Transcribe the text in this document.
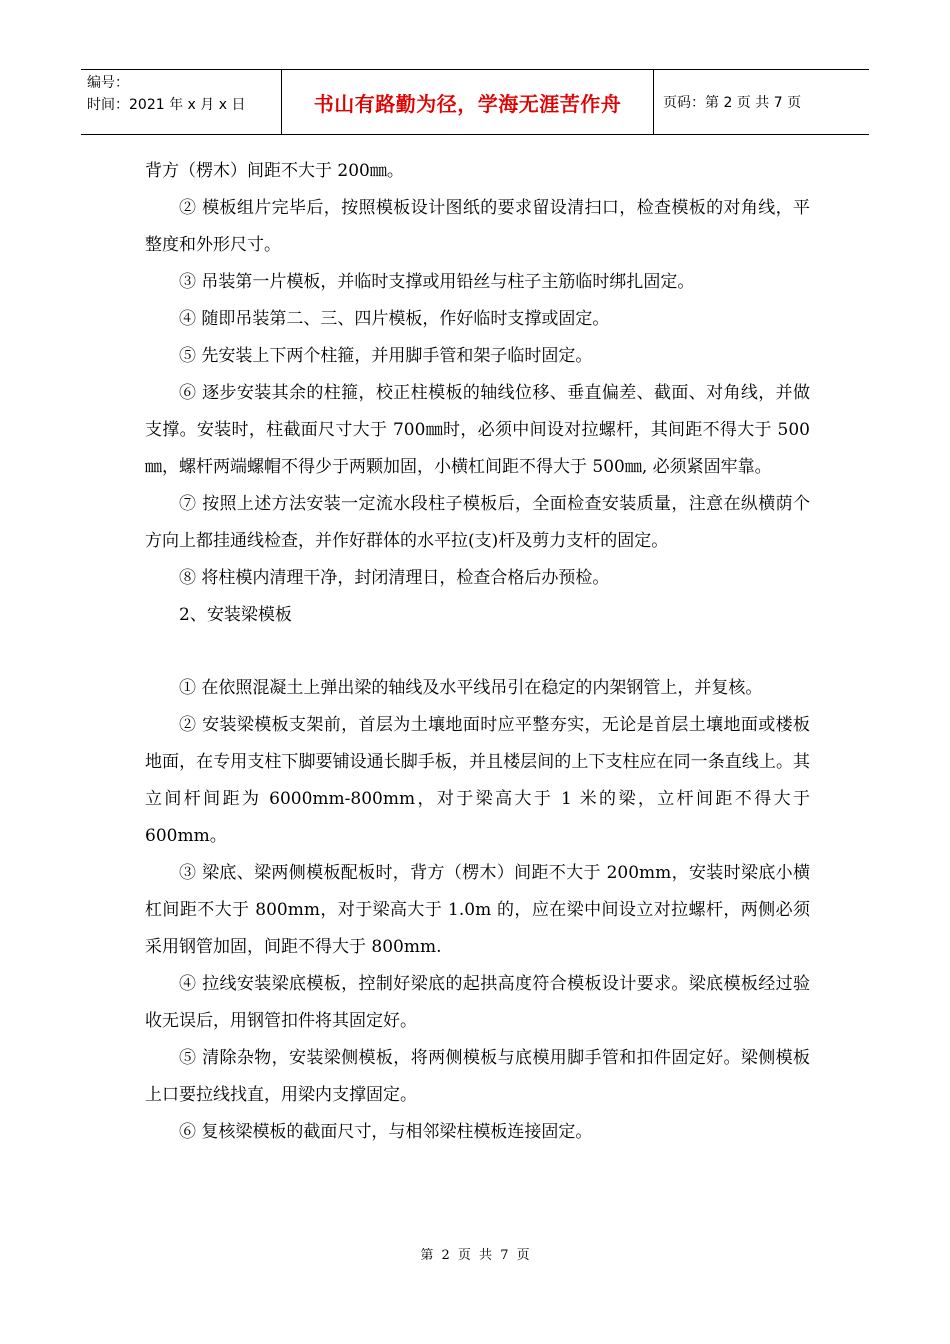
编号：
时间：2021 年 x 月 x 日	书山有路勤为径，学海无涯苦作舟	页码：第 2 页 共 7 页

背方（楞木）间距不大于 200㎜。

② 模板组片完毕后，按照模板设计图纸的要求留设清扫口，检查模板的对角线，平整度和外形尺寸。

③ 吊装第一片模板，并临时支撑或用铅丝与柱子主筋临时绑扎固定。

④ 随即吊装第二、三、四片模板，作好临时支撑或固定。

⑤ 先安装上下两个柱箍，并用脚手管和架子临时固定。

⑥ 逐步安装其余的柱箍，校正柱模板的轴线位移、垂直偏差、截面、对角线，并做支撑。安装时，柱截面尺寸大于 700㎜时，必须中间设对拉螺杆，其间距不得大于 500㎜，螺杆两端螺帽不得少于两颗加固，小横杠间距不得大于 500㎜, 必须紧固牢靠。

⑦ 按照上述方法安装一定流水段柱子模板后，全面检查安装质量，注意在纵横荫个方向上都挂通线检查，并作好群体的水平拉(支)杆及剪力支杆的固定。

⑧ 将柱模内清理干净，封闭清理日，检查合格后办预检。

2、安装梁模板

① 在依照混凝土上弹出梁的轴线及水平线吊引在稳定的内架钢管上，并复核。

② 安装梁模板支架前，首层为土壤地面时应平整夯实，无论是首层土壤地面或楼板地面，在专用支柱下脚要铺设通长脚手板，并且楼层间的上下支柱应在同一条直线上。其立间杆间距为 6000mm-800mm，对于梁高大于 1 米的梁，立杆间距不得大于 600mm。

③ 梁底、梁两侧模板配板时，背方（楞木）间距不大于 200mm，安装时梁底小横杠间距不大于 800mm，对于梁高大于 1.0m 的，应在梁中间设立对拉螺杆，两侧必须采用钢管加固，间距不得大于 800mm.

④ 拉线安装梁底模板，控制好梁底的起拱高度符合模板设计要求。梁底模板经过验收无误后，用钢管扣件将其固定好。

⑤ 清除杂物，安装梁侧模板，将两侧模板与底模用脚手管和扣件固定好。梁侧模板上口要拉线找直，用梁内支撑固定。

⑥ 复核梁模板的截面尺寸，与相邻梁柱模板连接固定。

第 2 页 共 7 页
